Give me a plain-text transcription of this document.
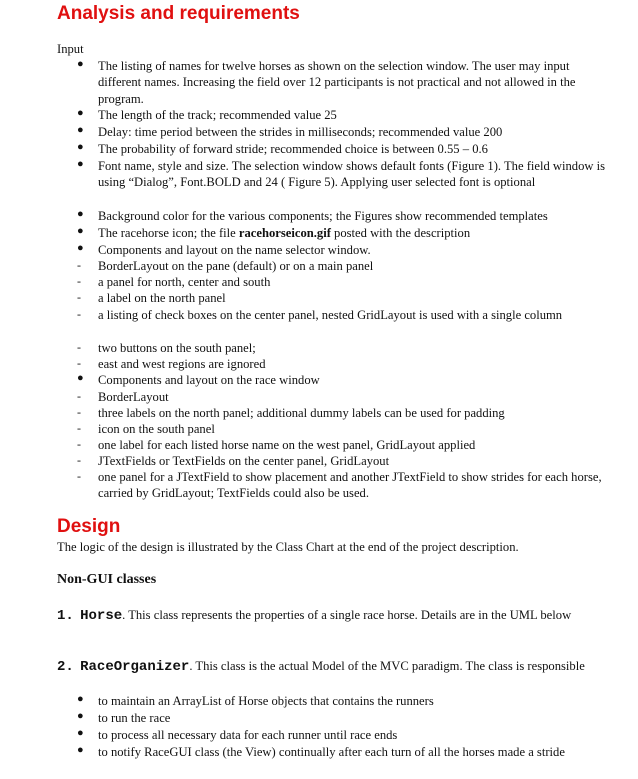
Analysis and requirements
Input
●	The listing of names for twelve horses as shown on the selection window. The user may input different names. Increasing the field over 12 participants is not practical and not allowed in the program.
●	The length of the track; recommended value 25
●	Delay: time period between the strides in milliseconds; recommended value 200
●	The probability of forward stride; recommended choice is between 0.55 – 0.6
●	Font name, style and size. The selection window shows default fonts (Figure 1). The field window is using “Dialog”, Font.BOLD and 24 ( Figure 5). Applying user selected font is optional
●	Background color for the various components; the Figures show recommended templates
●	The racehorse icon; the file racehorseicon.gif posted with the description
●	Components and layout on the name selector window.
-	BorderLayout on the pane (default) or on a main panel
-	a panel for north, center and south
-	a label on the north panel
-	a listing of check boxes on the center panel, nested GridLayout is used with a single column
-	two buttons on the south panel;
-	east and west regions are ignored
●	Components and layout on the race window
-	BorderLayout
-	three labels on the north panel; additional dummy labels can be used for padding
-	icon on the south panel
-	one label for each listed horse name on the west panel, GridLayout applied
-	JTextFields or TextFields on the center panel, GridLayout
-	one panel for a JTextField to show placement and another JTextField to show strides for each horse, carried by GridLayout; TextFields could also be used.
Design
The logic of the design is illustrated by the Class Chart at the end of the project description.
Non-GUI classes
1. Horse. This class represents the properties of a single race horse. Details are in the UML below
2. RaceOrganizer. This class is the actual Model of the MVC paradigm. The class is responsible
●	to maintain an ArrayList of Horse objects that contains the runners
●	to run the race
●	to process all necessary data for each runner until race ends
●	to notify RaceGUI class (the View) continually after each turn of all the horses made a stride
